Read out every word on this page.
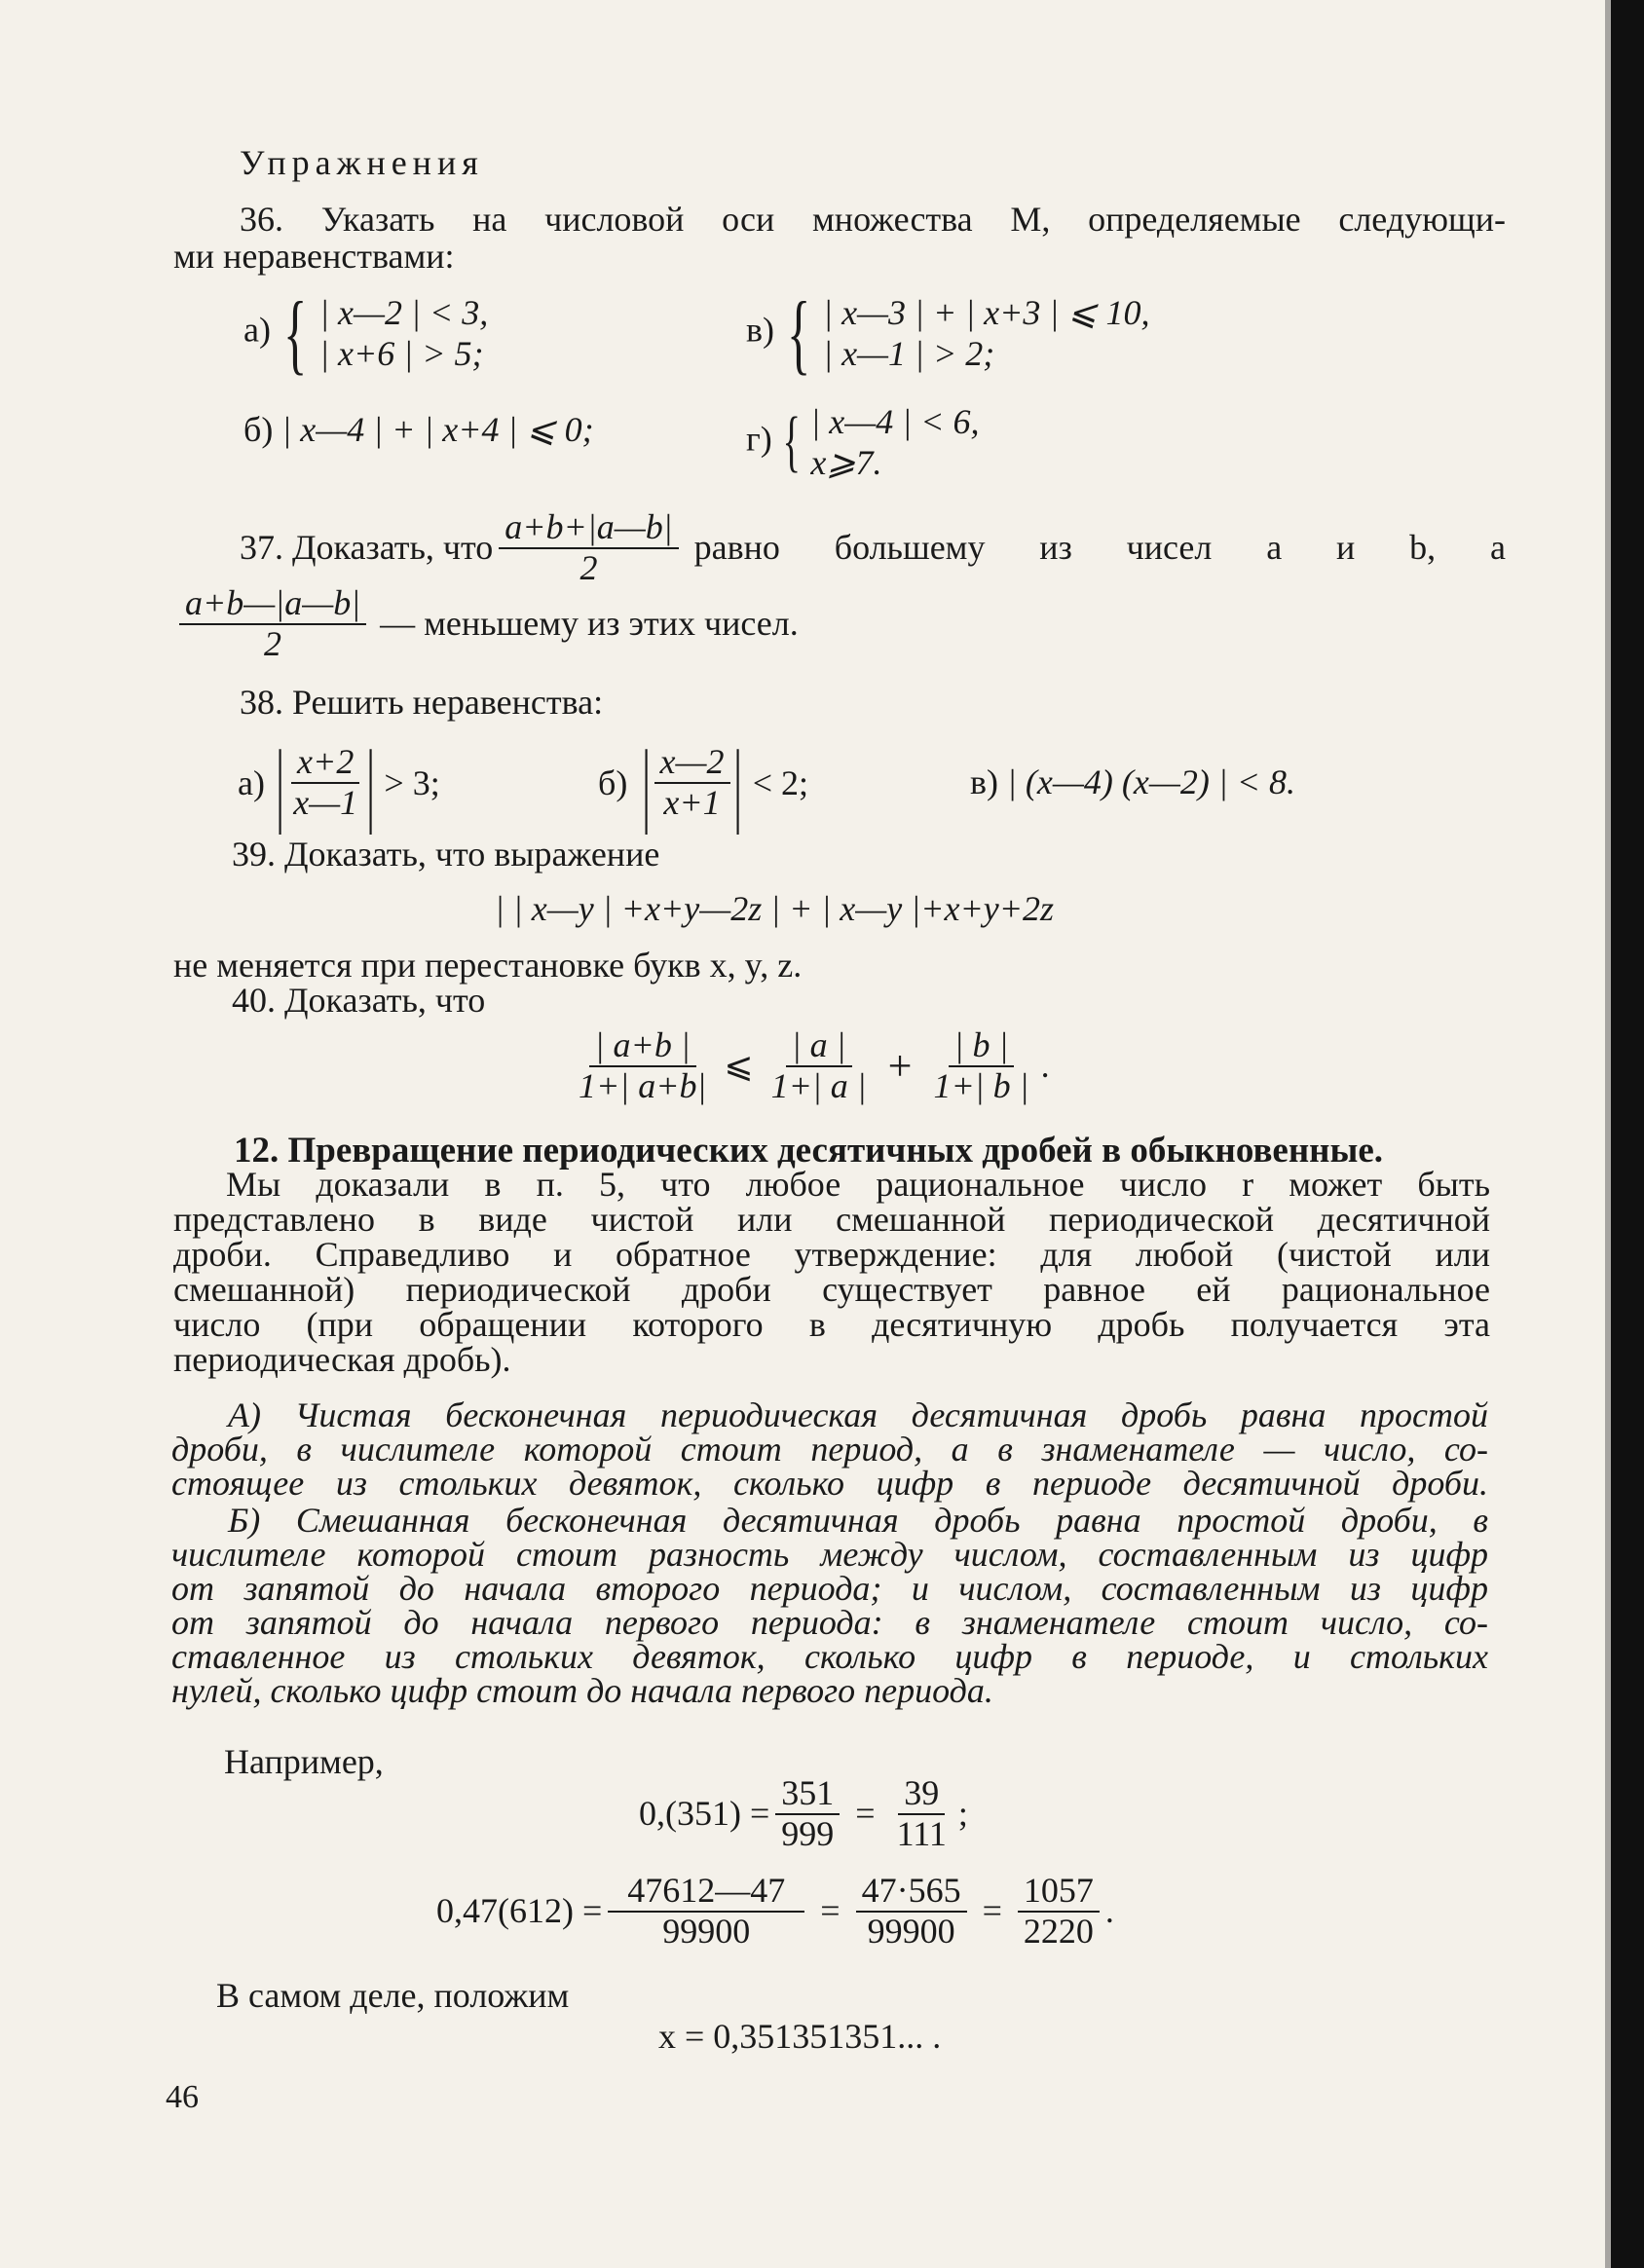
Упражнения
36. Указать на числовой оси множества M, определяемые следующи-
ми неравенствами:
а) { | x—2 | < 3,
| x+6 | > 5;
в) { | x—3 | + | x+3 | ⩽ 10,
| x—1 | > 2;
б) | x—4 | + | x+4 | ⩽ 0;	г) { | x—4 | < 6,
x⩾7.
37. Доказать, что $\frac{a+b+|a—b|}{2}$ равно большему из чисел a и b, а
$\frac{a+b—|a—b|}{2}$ — меньшему из этих чисел.
38. Решить неравенства:
а) | $\frac{x+2}{x—1}$ | > 3;	б) | $\frac{x—2}{x+1}$ | < 2;	в) | (x—4) (x—2) | < 8.
39. Доказать, что выражение
| | x—y | +x+y—2z | + | x—y |+x+y+2z
не меняется при перестановке букв x, y, z.
40. Доказать, что
$\frac{| a+b |}{1+| a+b|}$ ⩽ $\frac{| a |}{1+| a |} + \frac{| b |}{1+| b |}$ .
12. Превращение периодических десятичных дробей в обыкновенные.
Мы доказали в п. 5, что любое рациональное число r может быть
представлено в виде чистой или смешанной периодической десятичной
дроби. Справедливо и обратное утверждение: для любой (чистой или
смешанной) периодической дроби существует равное ей рациональное
число (при обращении которого в десятичную дробь получается эта
периодическая дробь).
А) Чистая бесконечная периодическая десятичная дробь равна простой
дроби, в числителе которой стоит период, а в знаменателе — число, со-
стоящее из стольких девяток, сколько цифр в периоде десятичной дроби.
Б) Смешанная бесконечная десятичная дробь равна простой дроби, в
числителе которой стоит разность между числом, составленным из цифр
от запятой до начала второго периода; и числом, составленным из цифр
от запятой до начала первого периода: в знаменателе стоит число, со-
ставленное из стольких девяток, сколько цифр в периоде, и стольких
нулей, сколько цифр стоит до начала первого периода.
Например,
$0,(351) = \frac{351}{999} = \frac{39}{111}$ ;
$0,47(612) = \frac{47612—47}{99900} = \frac{47\cdot 565}{99900} = \frac{1057}{2220}$ .
В самом деле, положим
x = 0,351351351... .
46
